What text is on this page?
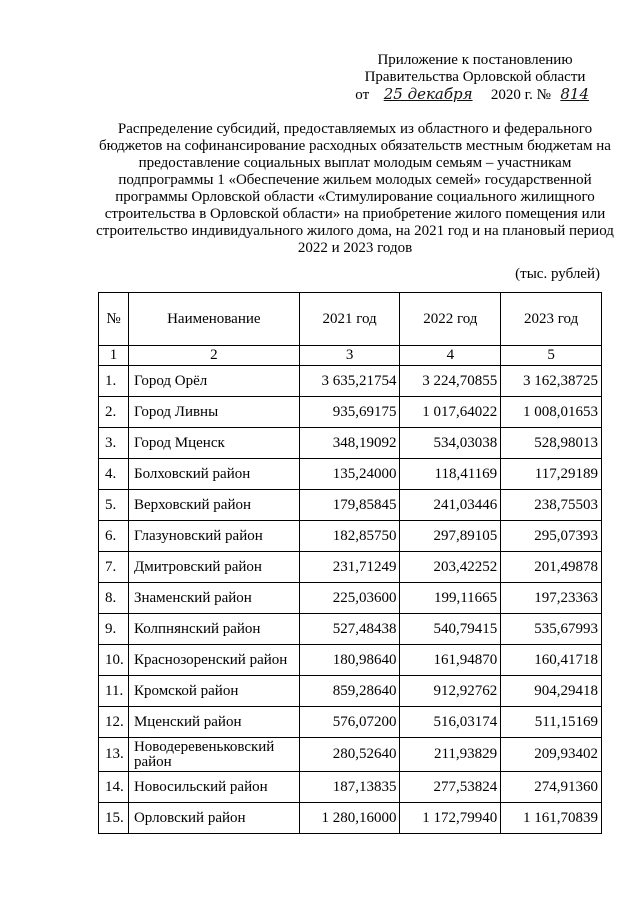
Приложение к постановлению
Правительства Орловской области
от 25 декабря 2020 г. № 814
Распределение субсидий, предоставляемых из областного и федерального бюджетов на софинансирование расходных обязательств местным бюджетам на предоставление социальных выплат молодым семьям – участникам подпрограммы 1 «Обеспечение жильем молодых семей» государственной программы Орловской области «Стимулирование социального жилищного строительства в Орловской области» на приобретение жилого помещения или строительство индивидуального жилого дома, на 2021 год и на плановый период 2022 и 2023 годов
(тыс. рублей)
№	Наименование	2021 год	2022 год	2023 год
1	2	3	4	5
1.	Город Орёл	3 635,21754	3 224,70855	3 162,38725
2.	Город Ливны	935,69175	1 017,64022	1 008,01653
3.	Город Мценск	348,19092	534,03038	528,98013
4.	Болховский район	135,24000	118,41169	117,29189
5.	Верховский район	179,85845	241,03446	238,75503
6.	Глазуновский район	182,85750	297,89105	295,07393
7.	Дмитровский район	231,71249	203,42252	201,49878
8.	Знаменский район	225,03600	199,11665	197,23363
9.	Колпнянский район	527,48438	540,79415	535,67993
10.	Краснозоренский район	180,98640	161,94870	160,41718
11.	Кромской район	859,28640	912,92762	904,29418
12.	Мценский район	576,07200	516,03174	511,15169
13.	Новодеревеньковский район	280,52640	211,93829	209,93402
14.	Новосильский район	187,13835	277,53824	274,91360
15.	Орловский район	1 280,16000	1 172,79940	1 161,70839
